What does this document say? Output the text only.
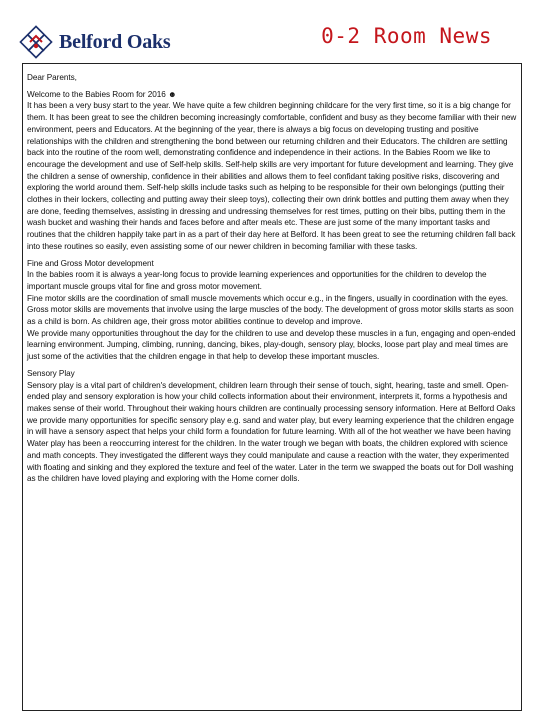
Belford Oaks	0-2 Room News

Dear Parents,

Welcome to the Babies Room for 2016 ☻

It has been a very busy start to the year. We have quite a few children beginning childcare for the very first time, so it is a big change for them. It has been great to see the children becoming increasingly comfortable, confident and busy as they become familiar with their new environment, peers and Educators. At the beginning of the year, there is always a big focus on developing trusting and positive relationships with the children and strengthening the bond between our returning children and their Educators. The children are settling back into the routine of the room well, demonstrating confidence and independence in their actions. In the Babies Room we like to encourage the development and use of Self-help skills. Self-help skills are very important for future development and learning. They give the children a sense of ownership, confidence in their abilities and allows them to feel confidant taking positive risks, discovering and exploring the world around them. Self-help skills include tasks such as helping to be responsible for their own belongings (putting their clothes in their lockers, collecting and putting away their sleep toys), collecting their own drink bottles and putting them away when they are done, feeding themselves, assisting in dressing and undressing themselves for rest times, putting on their bibs, putting them in the wash bucket and washing their hands and faces before and after meals etc. These are just some of the many important tasks and routines that the children happily take part in as a part of their day here at Belford. It has been great to see the returning children fall back into these routines so easily, even assisting some of our newer children in becoming familiar with these tasks.

Fine and Gross Motor development

In the babies room it is always a year-long focus to provide learning experiences and opportunities for the children to develop the important muscle groups vital for fine and gross motor movement.

Fine motor skills are the coordination of small muscle movements which occur e.g., in the fingers, usually in coordination with the eyes.

Gross motor skills are movements that involve using the large muscles of the body. The development of gross motor skills starts as soon as a child is born. As children age, their gross motor abilities continue to develop and improve.

We provide many opportunities throughout the day for the children to use and develop these muscles in a fun, engaging and open-ended learning environment. Jumping, climbing, running, dancing, bikes, play-dough, sensory play, blocks, loose part play and meal times are just some of the activities that the children engage in that help to develop these important muscles.

Sensory Play

Sensory play is a vital part of children's development, children learn through their sense of touch, sight, hearing, taste and smell. Open-ended play and sensory exploration is how your child collects information about their environment, interprets it, forms a hypothesis and makes sense of their world. Throughout their waking hours children are continually processing sensory information. Here at Belford Oaks we provide many opportunities for specific sensory play e.g. sand and water play, but every learning experience that the children engage in will have a sensory aspect that helps your child form a foundation for future learning. With all of the hot weather we have been having Water play has been a reoccurring interest for the children. In the water trough we began with boats, the children explored with science and math concepts. They investigated the different ways they could manipulate and cause a reaction with the water, they experimented with floating and sinking and they explored the texture and feel of the water. Later in the term we swapped the boats out for Doll washing as the children have loved playing and exploring with the Home corner dolls.
